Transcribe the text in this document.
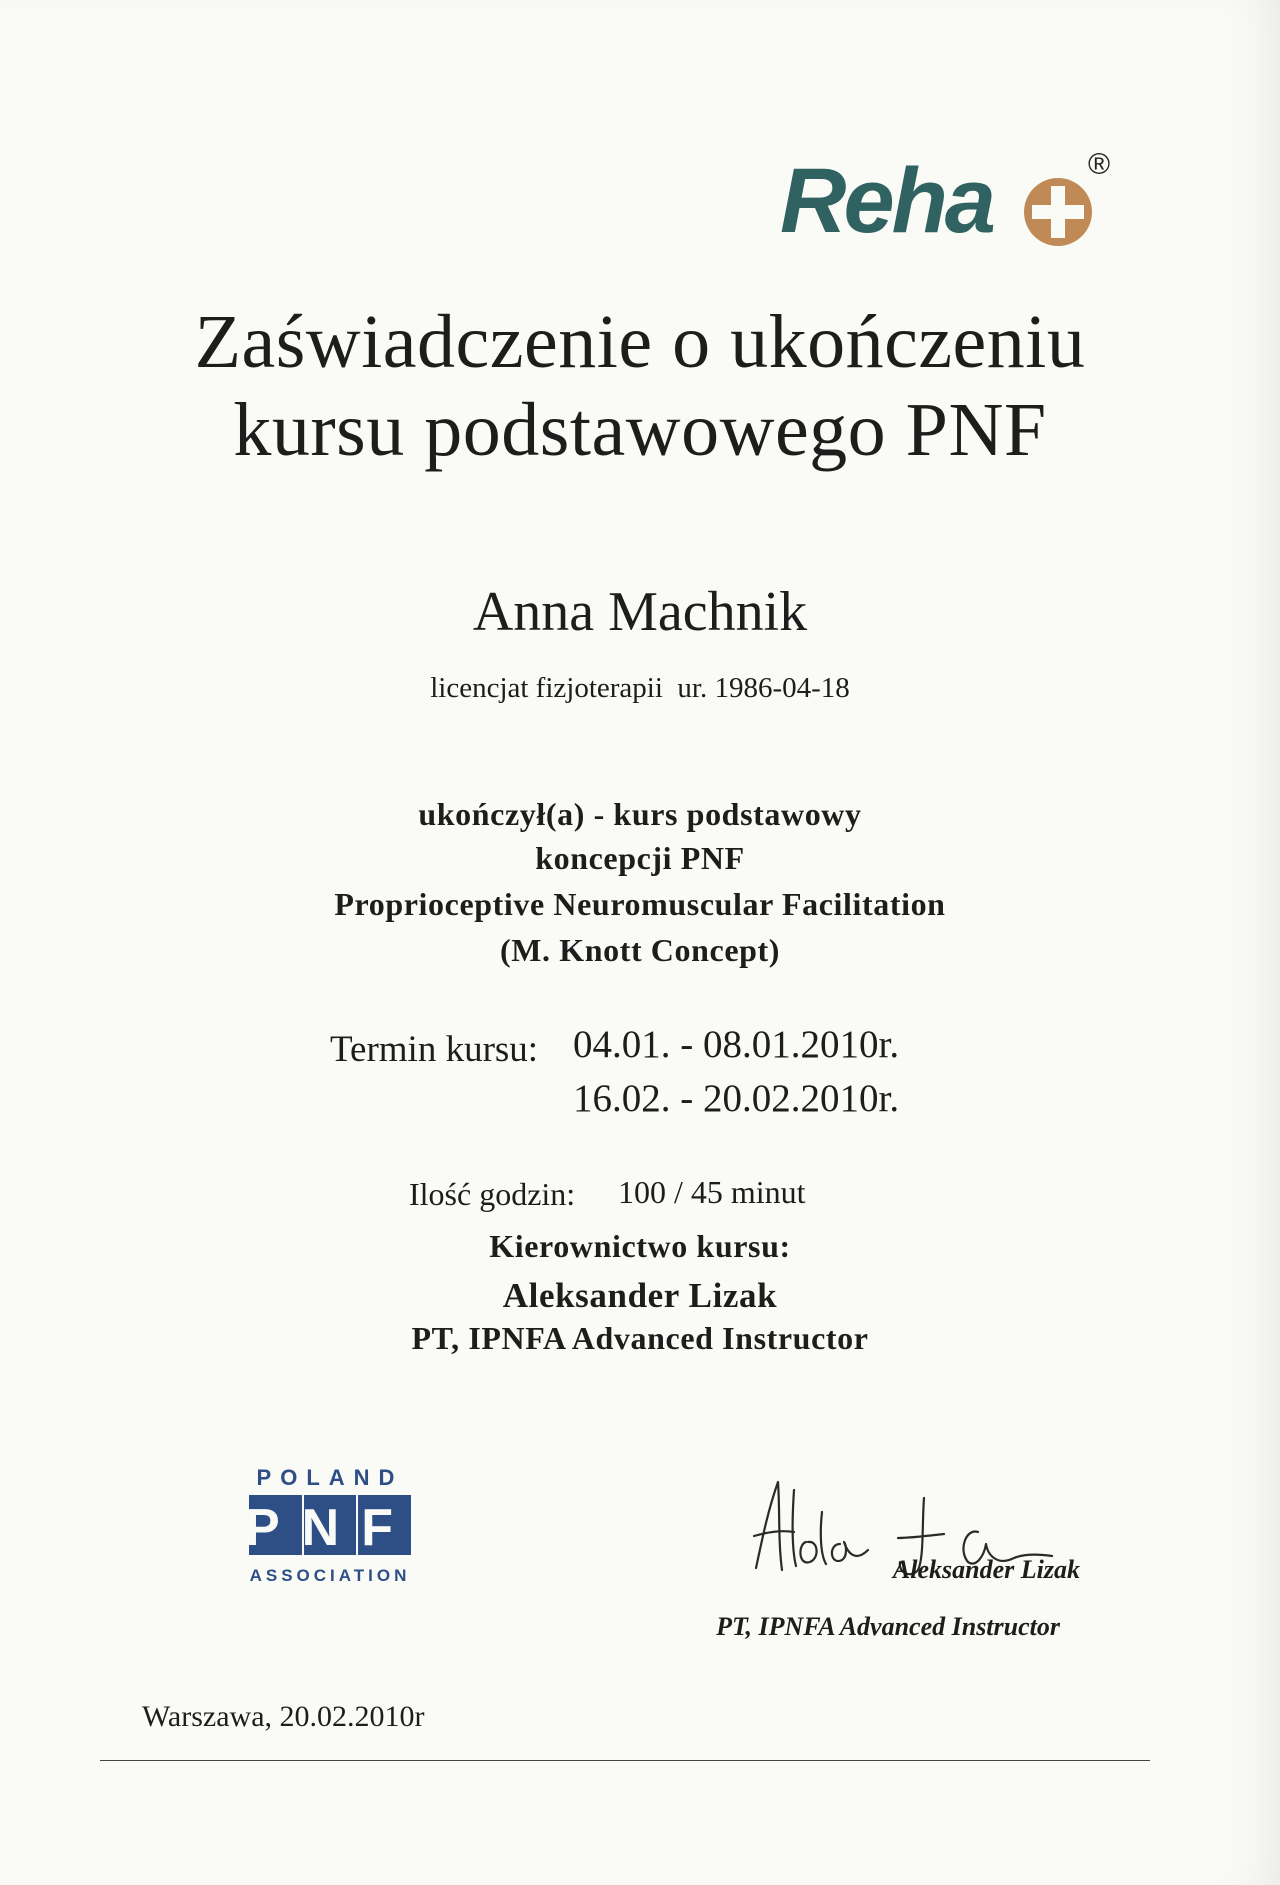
Reha	®
Zaświadczenie o ukończeniu
kursu podstawowego PNF
Anna Machnik
licencjat fizjoterapii  ur. 1986-04-18
ukończył(a) - kurs podstawowy
koncepcji PNF
Proprioceptive Neuromuscular Facilitation
(M. Knott Concept)
Termin kursu: 04.01. - 08.01.2010r.
16.02. - 20.02.2010r.
Ilość godzin: 100 / 45 minut
Kierownictwo kursu:
Aleksander Lizak
PT, IPNFA Advanced Instructor
POLAND
PNF
ASSOCIATION	Aleksander Lizak
PT, IPNFA Advanced Instructor
Warszawa, 20.02.2010r
